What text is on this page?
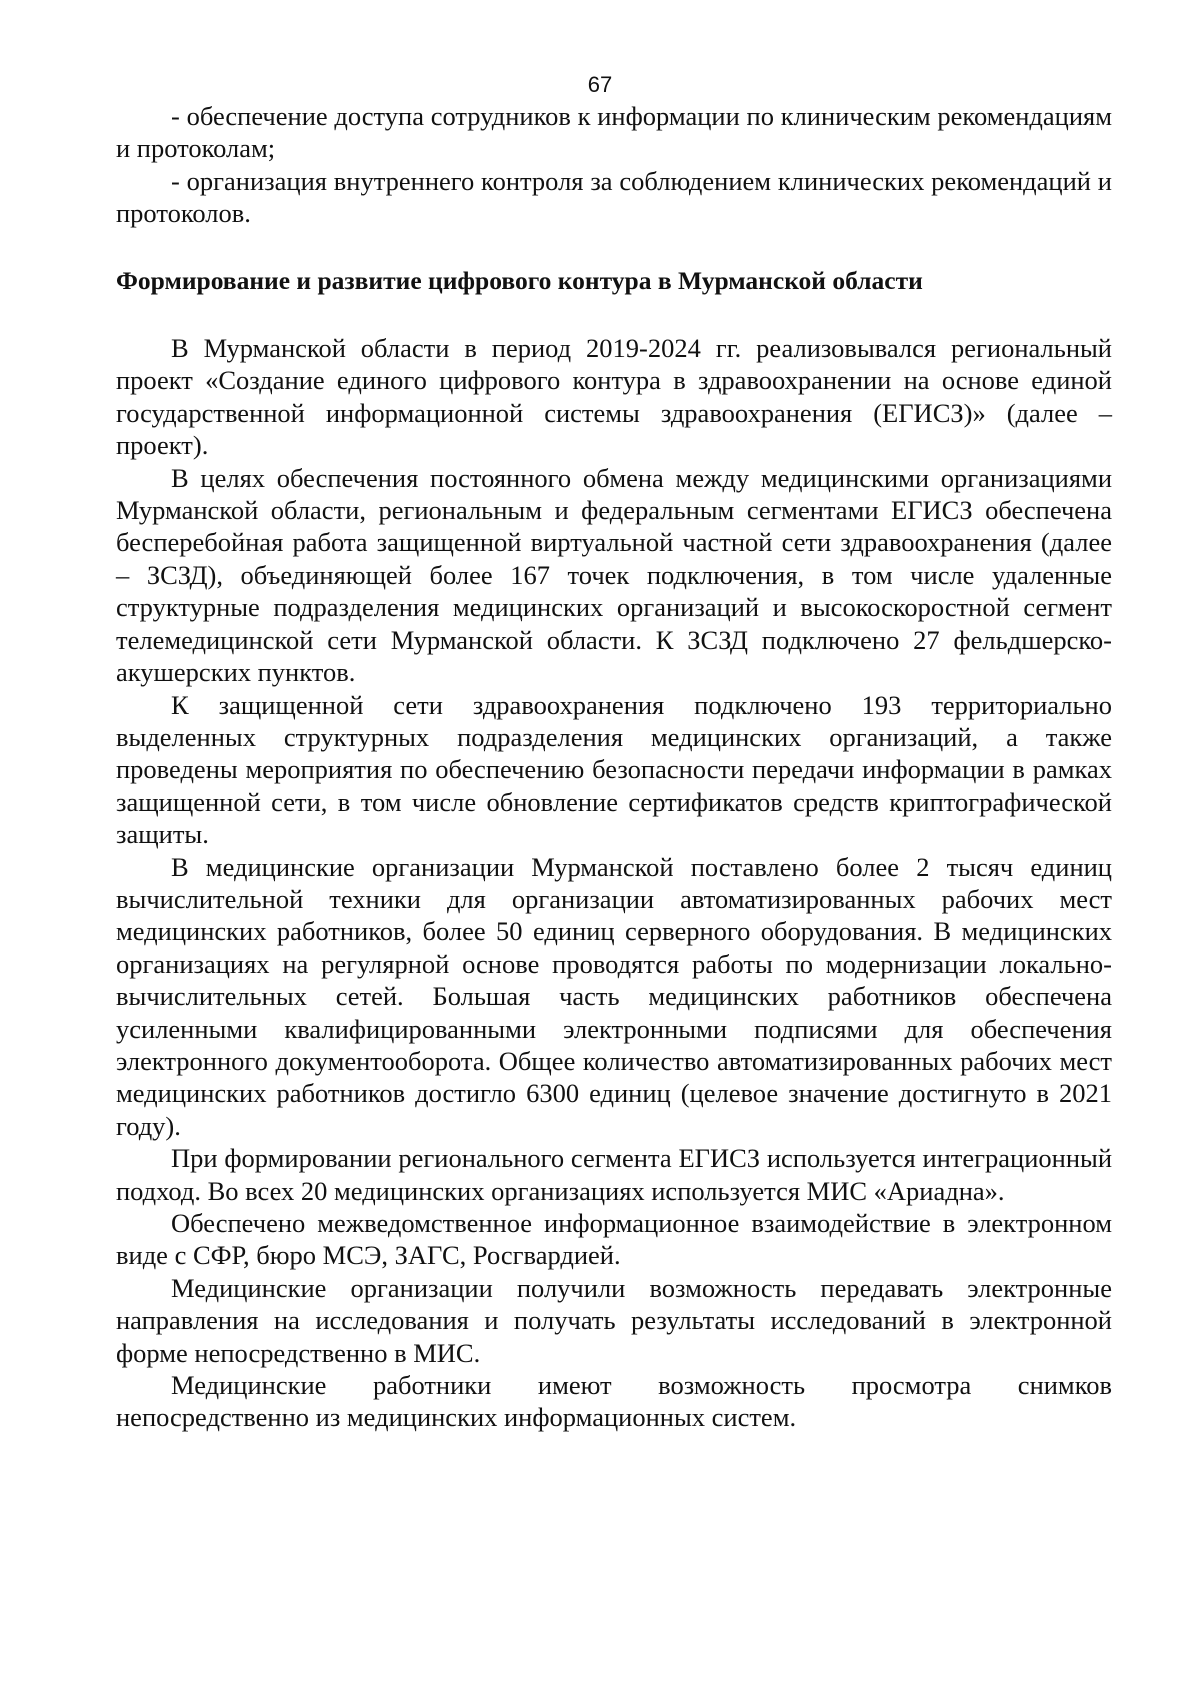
67

- обеспечение доступа сотрудников к информации по клиническим рекомендациям и протоколам;

- организация внутреннего контроля за соблюдением клинических рекомендаций и протоколов.

Формирование и развитие цифрового контура в Мурманской области

В Мурманской области в период 2019-2024 гг. реализовывался региональный проект «Создание единого цифрового контура в здравоохранении на основе единой государственной информационной системы здравоохранения (ЕГИСЗ)» (далее – проект).

В целях обеспечения постоянного обмена между медицинскими организациями Мурманской области, региональным и федеральным сегментами ЕГИСЗ обеспечена бесперебойная работа защищенной виртуальной частной сети здравоохранения (далее – ЗСЗД), объединяющей более 167 точек подключения, в том числе удаленные структурные подразделения медицинских организаций и высокоскоростной сегмент телемедицинской сети Мурманской области. К ЗСЗД подключено 27 фельдшерско-акушерских пунктов.

К защищенной сети здравоохранения подключено 193 территориально выделенных структурных подразделения медицинских организаций, а также проведены мероприятия по обеспечению безопасности передачи информации в рамках защищенной сети, в том числе обновление сертификатов средств криптографической защиты.

В медицинские организации Мурманской поставлено более 2 тысяч единиц вычислительной техники для организации автоматизированных рабочих мест медицинских работников, более 50 единиц серверного оборудования. В медицинских организациях на регулярной основе проводятся работы по модернизации локально-вычислительных сетей. Большая часть медицинских работников обеспечена усиленными квалифицированными электронными подписями для обеспечения электронного документооборота. Общее количество автоматизированных рабочих мест медицинских работников достигло 6300 единиц (целевое значение достигнуто в 2021 году).

При формировании регионального сегмента ЕГИСЗ используется интеграционный подход. Во всех 20 медицинских организациях используется МИС «Ариадна».

Обеспечено межведомственное информационное взаимодействие в электронном виде с СФР, бюро МСЭ, ЗАГС, Росгвардией.

Медицинские организации получили возможность передавать электронные направления на исследования и получать результаты исследований в электронной форме непосредственно в МИС.

Медицинские работники имеют возможность просмотра снимков непосредственно из медицинских информационных систем.
